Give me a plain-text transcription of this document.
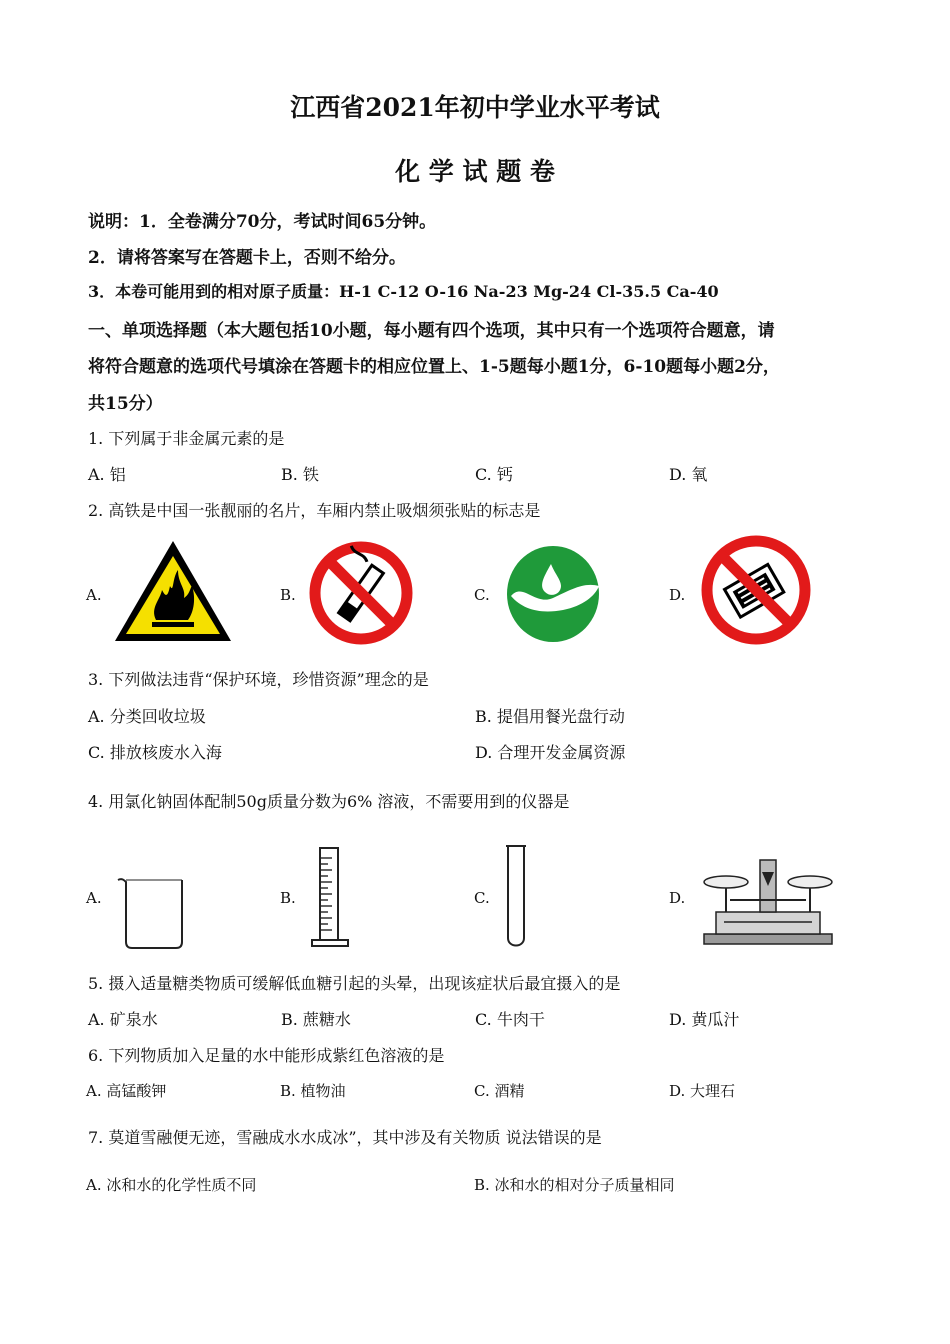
江西省2021年初中学业水平考试
化 学 试 题 卷
说明：1．全卷满分70分，考试时间65分钟。
2．请将答案写在答题卡上，否则不给分。
3．本卷可能用到的相对原子质量：H-1 C-12 O-16 Na-23 Mg-24 Cl-35.5 Ca-40
一、单项选择题（本大题包括10小题，每小题有四个选项，其中只有一个选项符合题意，请
将符合题意的选项代号填涂在答题卡的相应位置上、1-5题每小题1分，6-10题每小题2分，
共15分）
1. 下列属于非金属元素的是
A. 铝	B. 铁	C. 钙	D. 氧
2. 高铁是中国一张靓丽的名片，车厢内禁止吸烟须张贴的标志是
A.	B.	C.	D.
3. 下列做法违背“保护环境，珍惜资源”理念的是
A. 分类回收垃圾	B. 提倡用餐光盘行动
C. 排放核废水入海	D. 合理开发金属资源
4. 用氯化钠固体配制50g质量分数为6% 溶液，不需要用到的仪器是
A.	B.	C.	D.
5. 摄入适量糖类物质可缓解低血糖引起的头晕，出现该症状后最宜摄入的是
A. 矿泉水	B. 蔗糖水	C. 牛肉干	D. 黄瓜汁
6. 下列物质加入足量的水中能形成紫红色溶液的是
A. 高锰酸钾	B. 植物油	C. 酒精	D. 大理石
7. 莫道雪融便无迹，雪融成水水成冰”，其中涉及有关物质 说法错误的是
A. 冰和水的化学性质不同	B. 冰和水的相对分子质量相同
